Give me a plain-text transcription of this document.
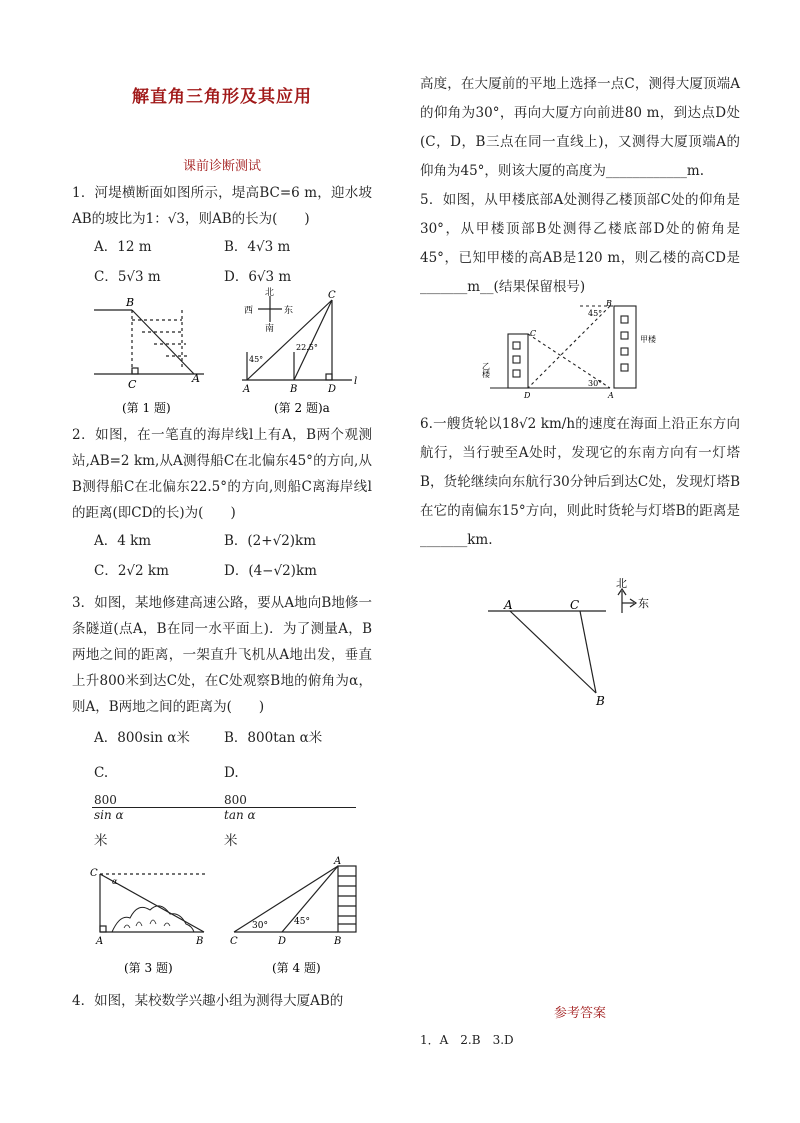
解直角三角形及其应用
课前诊断测试

1．河堤横断面如图所示，堤高BC=6 m，迎水坡AB的坡比为1：√3，则AB的长为(　　)

A．12 m	B．4√3 m
C．5√3 m	D．6√3 m
B
C	A
(第 1 题)
C
A	B	D
l
45°
22.5°
北
南
西	东
(第 2 题)a

2．如图，在一笔直的海岸线l上有A，B两个观测站,AB=2 km,从A测得船C在北偏东45°的方向,从B测得船C在北偏东22.5°的方向,则船C离海岸线l的距离(即CD的长)为(　　)

A．4 km	B．(2+√2)km
C．2√2 km	D．(4−√2)km

3．如图，某地修建高速公路，要从A地向B地修一条隧道(点A，B在同一水平面上)．为了测量A，B两地之间的距离，一架直升飞机从A地出发，垂直上升800米到达C处，在C处观察B地的俯角为α，则A，B两地之间的距离为(　　)

A．800sin α米	B．800tan α米
C.
$\frac{800}{\text{sin α}}$
米
D.
$\frac{800}{\text{tan α}}$
米
C
α
A	B
(第 3 题)
A
C	D	B
30°	45°
(第 4 题)

4．如图，某校数学兴趣小组为测得大厦AB的

高度，在大厦前的平地上选择一点C，测得大厦顶端A的仰角为30°，再向大厦方向前进80 m，到达点D处(C，D，B三点在同一直线上)，又测得大厦顶端A的仰角为45°，则该大厦的高度为____________m.

5．如图，从甲楼底部A处测得乙楼顶部C处的仰角是30°，从甲楼顶部B处测得乙楼底部D处的俯角是45°，已知甲楼的高AB是120 m，则乙楼的高CD是_______m__(结果保留根号)

B
C
D	A
45°
30°
乙楼
甲楼

6.一艘货轮以18√2 km/h的速度在海面上沿正东方向航行，当行驶至A处时，发现它的东南方向有一灯塔B，货轮继续向东航行30分钟后到达C处，发现灯塔B在它的南偏东15°方向，则此时货轮与灯塔B的距离是_______km.

A	C
B
北
东
参考答案
1．A　2.B　3.D
